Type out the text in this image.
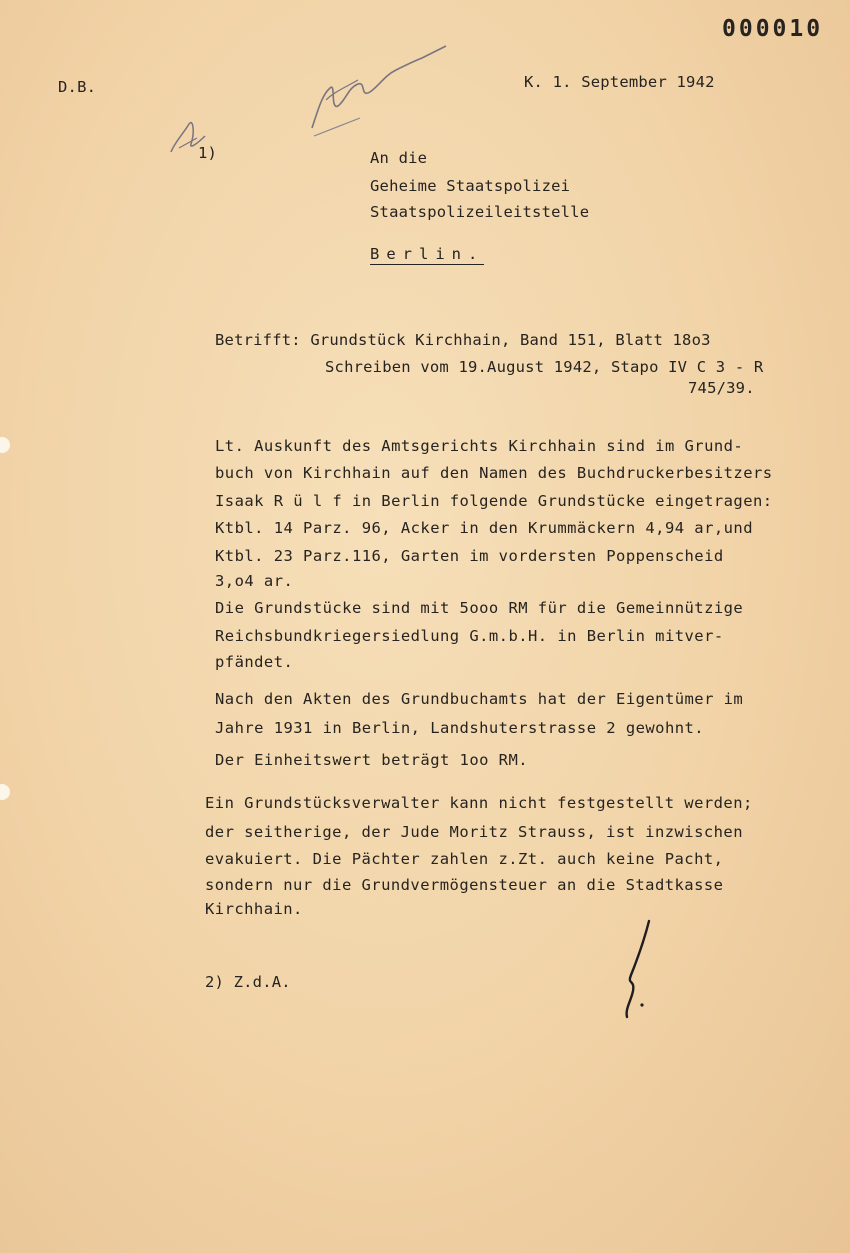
000010
D.B.	K. 1. September 1942
1)	An die
Geheime Staatspolizei
Staatspolizeileitstelle
Berlin.
Betrifft: Grundstück Kirchhain, Band 151, Blatt 18o3
Schreiben vom 19.August 1942, Stapo IV C 3 - R
745/39.
Lt. Auskunft des Amtsgerichts Kirchhain sind im Grund-
buch von Kirchhain auf den Namen des Buchdruckerbesitzers
Isaak R ü l f in Berlin folgende Grundstücke eingetragen:
Ktbl. 14 Parz. 96, Acker in den Krummäckern 4,94 ar,und
Ktbl. 23 Parz.116, Garten im vordersten Poppenscheid
3,o4 ar.
Die Grundstücke sind mit 5ooo RM für die Gemeinnützige
Reichsbundkriegersiedlung G.m.b.H. in Berlin mitver-
pfändet.
Nach den Akten des Grundbuchamts hat der Eigentümer im
Jahre 1931 in Berlin, Landshuterstrasse 2 gewohnt.
Der Einheitswert beträgt 1oo RM.
Ein Grundstücksverwalter kann nicht festgestellt werden;
der seitherige, der Jude Moritz Strauss, ist inzwischen
evakuiert. Die Pächter zahlen z.Zt. auch keine Pacht,
sondern nur die Grundvermögensteuer an die Stadtkasse
Kirchhain.
2) Z.d.A.
